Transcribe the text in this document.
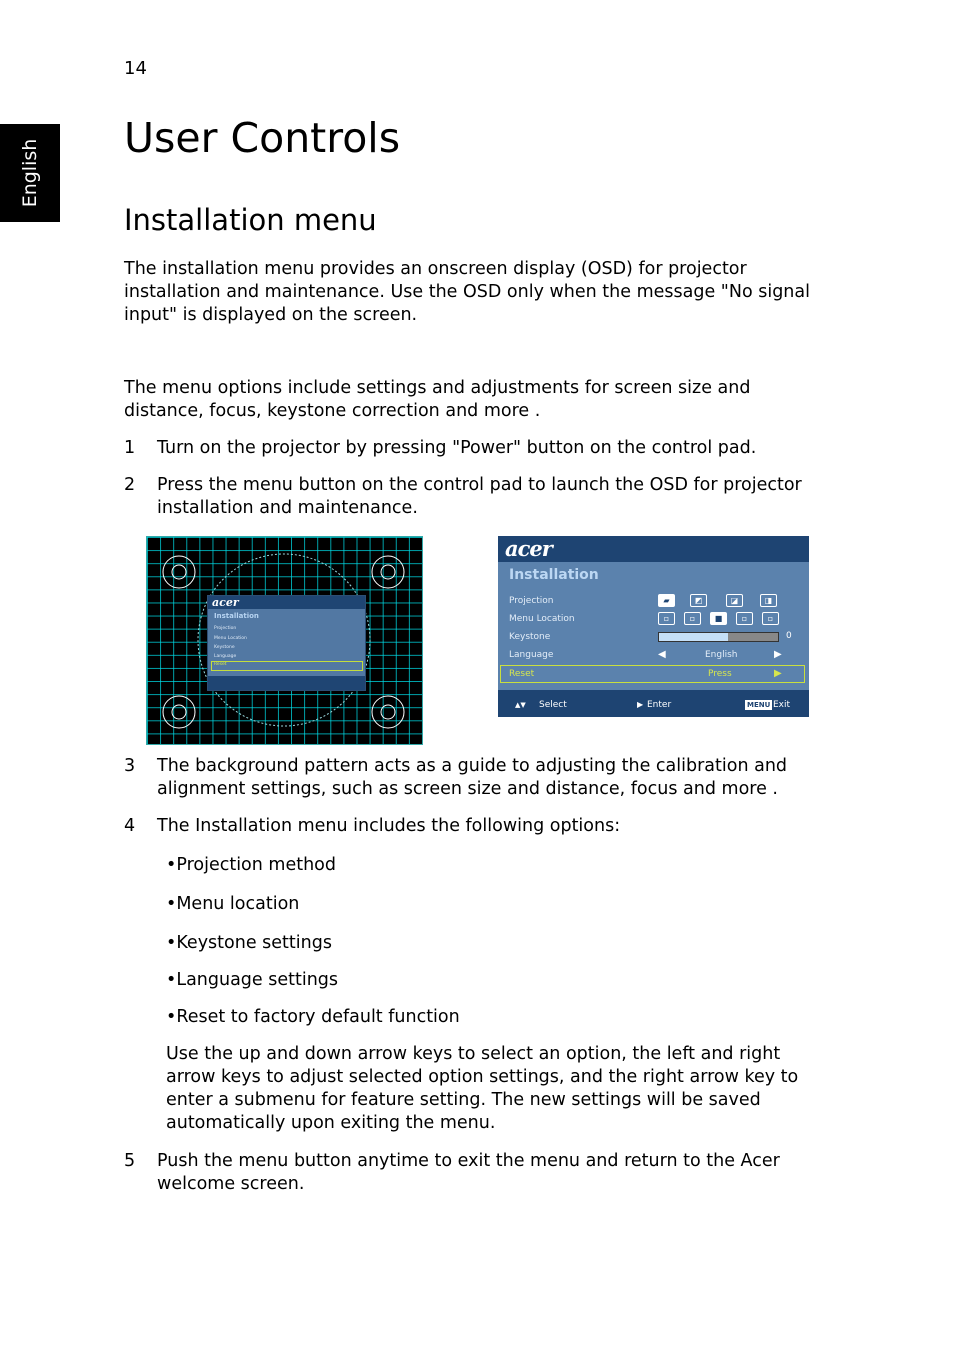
14
English
User Controls
Installation menu

The installation menu provides an onscreen display (OSD) for projector installation and maintenance. Use the OSD only when the message "No signal input" is displayed on the screen.

The menu options include settings and adjustments for screen size and distance, focus, keystone correction and more .

1 Turn on the projector by pressing "Power" button on the control pad.
2 Press the menu button on the control pad to launch the OSD for projector installation and maintenance.
acer
Installation
Projection
Menu Location
Keystone
Language
Reset
acer
Installation
Projection	▰	◩	◪	◨
Menu Location	▫	▫	■	▫	▫
Keystone	0
Language	◀	English	▶
Reset	Press	▶
▲▼ Select	▶ Enter	MENU Exit
3 The background pattern acts as a guide to adjusting the calibration and alignment settings, such as screen size and distance, focus and more .
4 The Installation menu includes the following options:
•Projection method
•Menu location
•Keystone settings
•Language settings
•Reset to factory default function

Use the up and down arrow keys to select an option, the left and right arrow keys to adjust selected option settings, and the right arrow key to enter a submenu for feature setting. The new settings will be saved automatically upon exiting the menu.

5 Push the menu button anytime to exit the menu and return to the Acer welcome screen.
